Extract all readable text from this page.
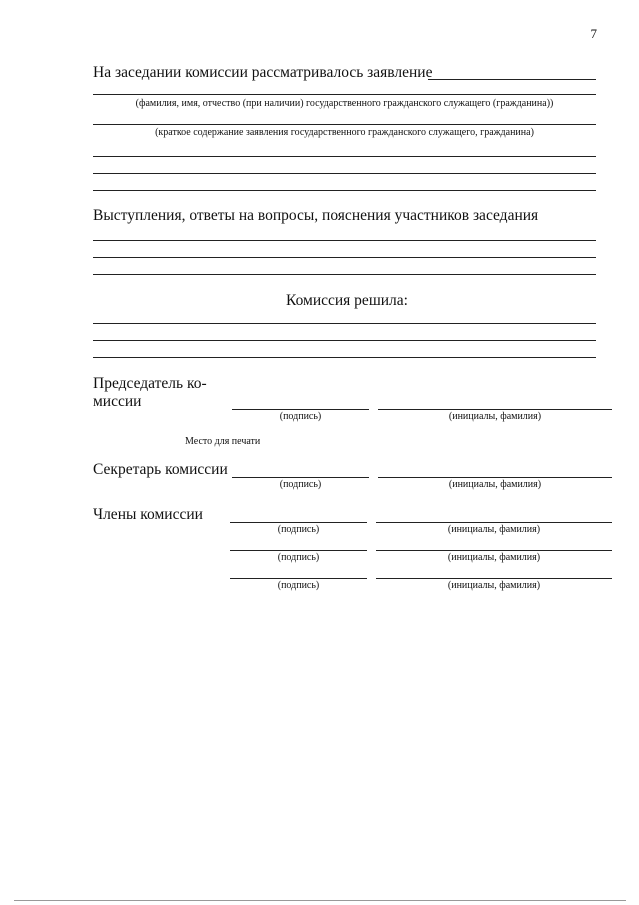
7
На заседании комиссии рассматривалось заявление
(фамилия, имя, отчество (при наличии) государственного гражданского служащего (гражданина))
(краткое содержание заявления государственного гражданского служащего, гражданина)
Выступления, ответы на вопросы, пояснения участников заседания
Комиссия решила:
Председатель ко-
миссии
(подпись)	(инициалы, фамилия)
Место для печати
Секретарь комиссии
(подпись)	(инициалы, фамилия)
Члены комиссии
(подпись)	(инициалы, фамилия)
(подпись)	(инициалы, фамилия)
(подпись)	(инициалы, фамилия)
